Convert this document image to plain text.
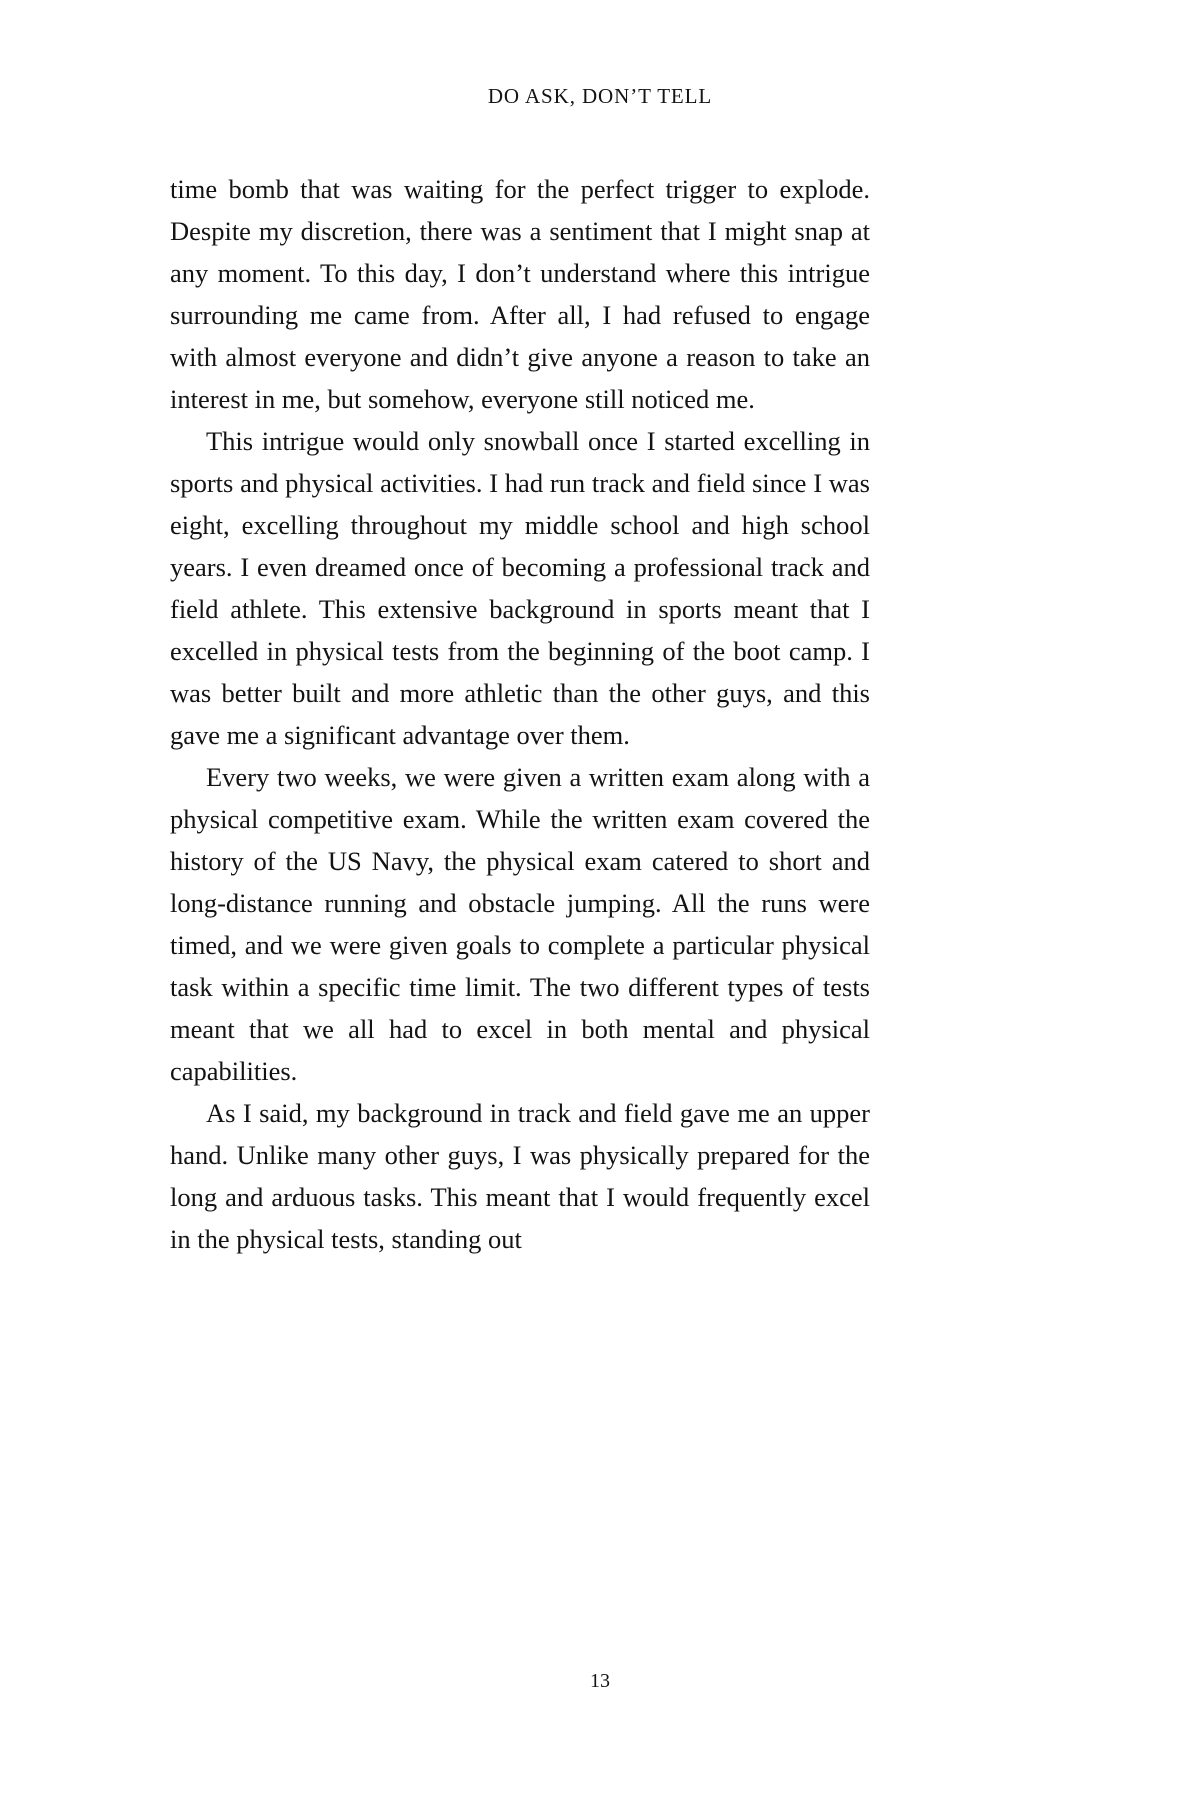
DO ASK, DON’T TELL

time bomb that was waiting for the perfect trigger to explode. Despite my discretion, there was a sentiment that I might snap at any moment. To this day, I don’t understand where this intrigue surrounding me came from. After all, I had refused to engage with almost everyone and didn’t give anyone a reason to take an interest in me, but somehow, everyone still noticed me.

This intrigue would only snowball once I started excelling in sports and physical activities. I had run track and field since I was eight, excelling throughout my middle school and high school years. I even dreamed once of becoming a professional track and field athlete. This extensive background in sports meant that I excelled in physical tests from the beginning of the boot camp. I was better built and more athletic than the other guys, and this gave me a significant advantage over them.

Every two weeks, we were given a written exam along with a physical competitive exam. While the written exam covered the history of the US Navy, the physical exam catered to short and long-distance running and obstacle jumping. All the runs were timed, and we were given goals to complete a particular physical task within a specific time limit. The two different types of tests meant that we all had to excel in both mental and physical capabilities.

As I said, my background in track and field gave me an upper hand. Unlike many other guys, I was physically prepared for the long and arduous tasks. This meant that I would frequently excel in the physical tests, standing out

13
